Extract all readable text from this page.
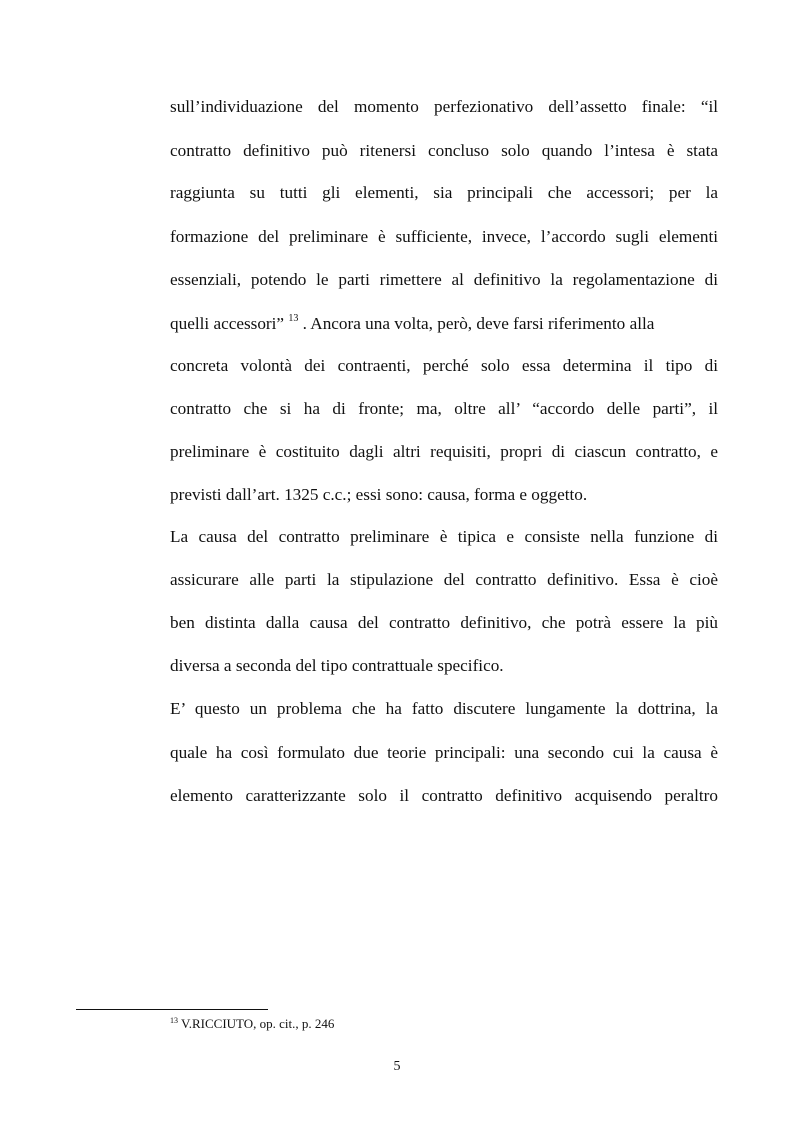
sull’individuazione del momento perfezionativo dell’assetto finale: “il
contratto definitivo può ritenersi concluso solo quando l’intesa è stata
raggiunta su tutti gli elementi, sia principali che accessori; per la
formazione del preliminare è sufficiente, invece, l’accordo sugli elementi
essenziali, potendo le parti rimettere al definitivo la regolamentazione di
quelli accessori” $^{13}$ . Ancora una volta, però, deve farsi riferimento alla
concreta volontà dei contraenti, perché solo essa determina il tipo di
contratto che si ha di fronte; ma, oltre all’ “accordo delle parti”, il
preliminare è costituito dagli altri requisiti, propri di ciascun contratto, e
previsti dall’art. 1325 c.c.; essi sono: causa, forma e oggetto.
La causa del contratto preliminare è tipica e consiste nella funzione di
assicurare alle parti la stipulazione del contratto definitivo. Essa è cioè
ben distinta dalla causa del contratto definitivo, che potrà essere la più
diversa a seconda del tipo contrattuale specifico.
E’ questo un problema che ha fatto discutere lungamente la dottrina, la
quale ha così formulato due teorie principali: una secondo cui la causa è
elemento caratterizzante solo il contratto definitivo acquisendo peraltro
$^{13}$ V.RICCIUTO, op. cit., p. 246
5
